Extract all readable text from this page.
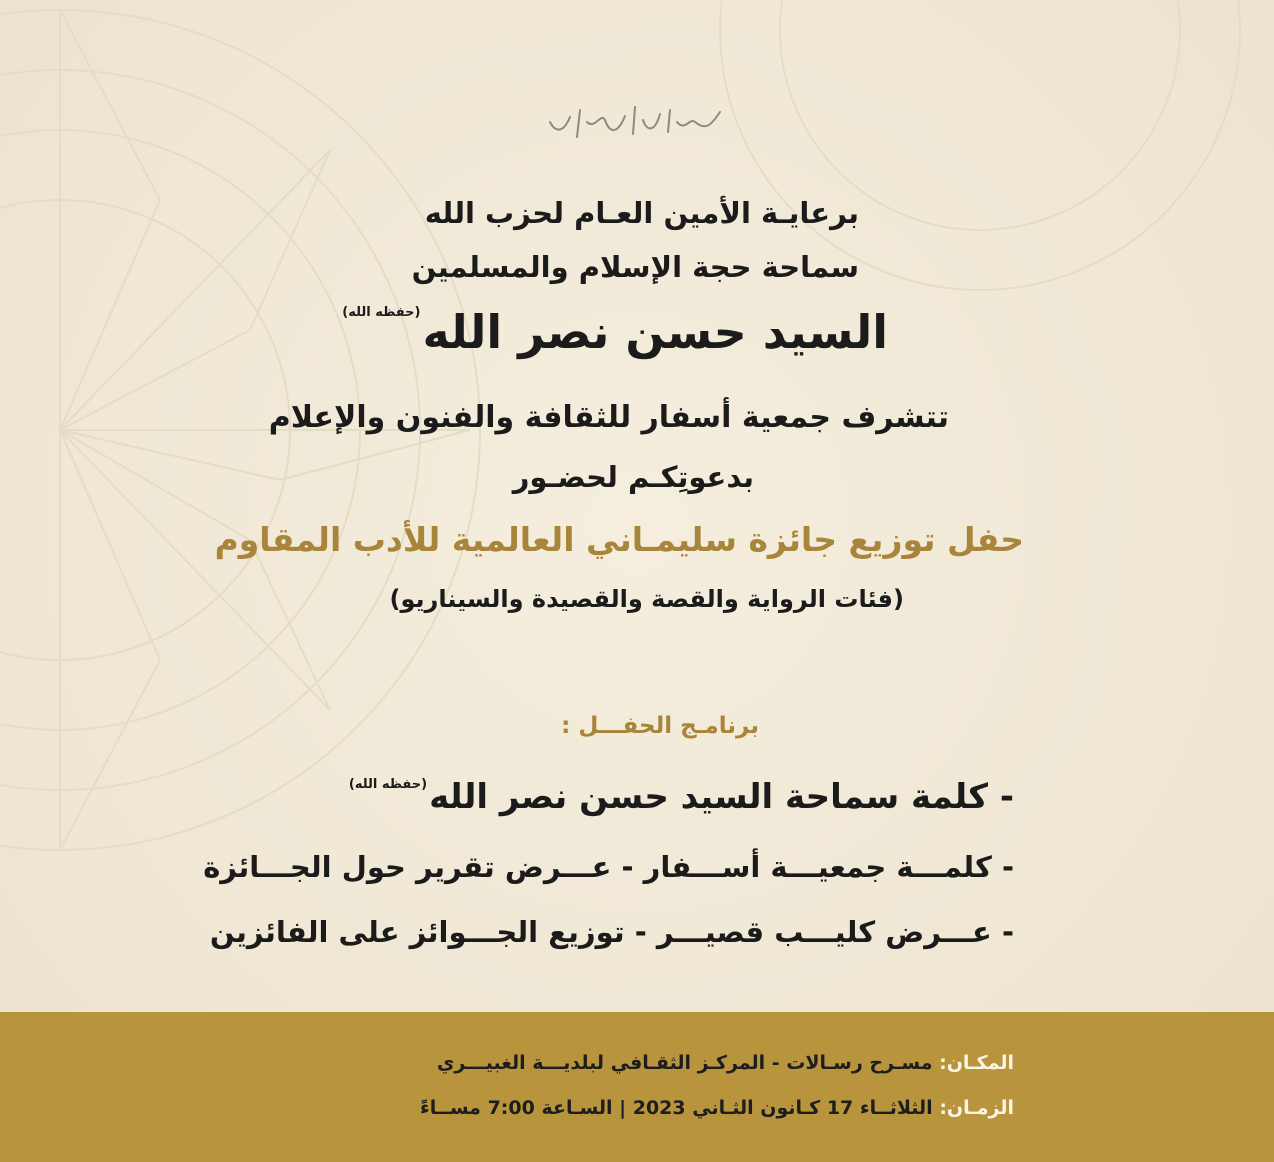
بسم الله الرحمن الرحيم
برعايـة الأمين العـام لحزب الله
سماحة حجة الإسلام والمسلمين
السيد حسن نصر الله$^{(حفظه الله)}$
تتشرف جمعية أسفار للثقافة والفنون والإعلام
بدعوتِكـم لحضـور
حفل توزيع جائزة سليمـاني العالمية للأدب المقاوم
(فئات الرواية والقصة والقصيدة والسيناريو)
برنامـج الحفـــل :
- كلمة سماحة السيد حسن نصر الله$^{(حفظه الله)}$
- كلمـــة جمعيـــة أســـفار - عـــرض تقرير حول الجـــائزة
- عـــرض كليـــب قصيـــر - توزيع الجـــوائز على الفائزين
المكـان: مسـرح رسـالات - المركـز الثقـافي لبلديـــة الغبيـــري
الزمـان: الثلاثــاء 17 كـانون الثـاني 2023 | السـاعة 7:00 مســاءً
